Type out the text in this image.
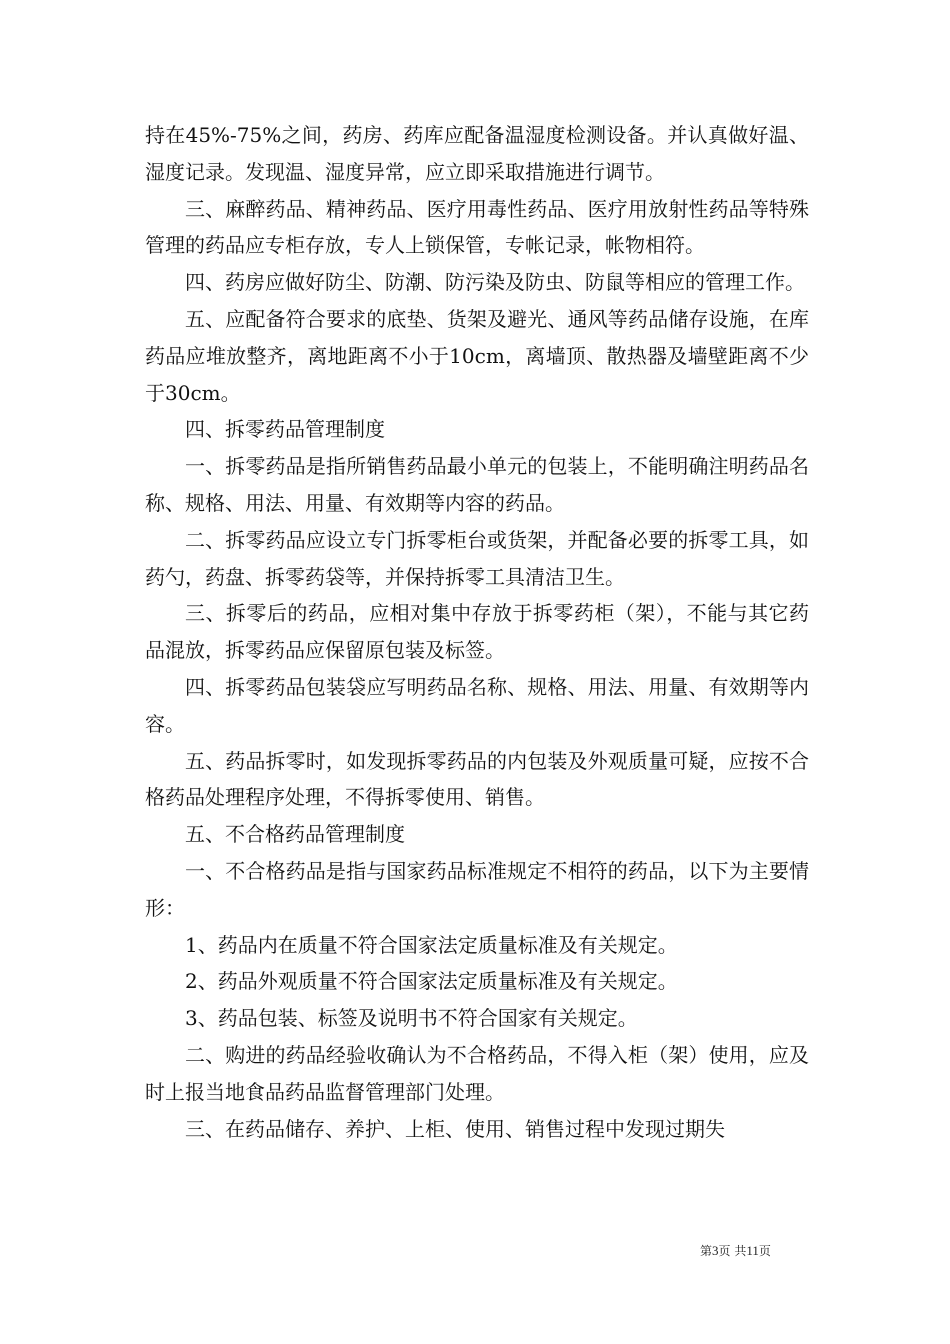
持在45%-75%之间，药房、药库应配备温湿度检测设备。并认真做好温、湿度记录。发现温、湿度异常，应立即采取措施进行调节。

三、麻醉药品、精神药品、医疗用毒性药品、医疗用放射性药品等特殊管理的药品应专柜存放，专人上锁保管，专帐记录，帐物相符。

四、药房应做好防尘、防潮、防污染及防虫、防鼠等相应的管理工作。

五、应配备符合要求的底垫、货架及避光、通风等药品储存设施，在库药品应堆放整齐，离地距离不小于10cm，离墙顶、散热器及墙壁距离不少于30cm。

四、拆零药品管理制度

一、拆零药品是指所销售药品最小单元的包装上，不能明确注明药品名称、规格、用法、用量、有效期等内容的药品。

二、拆零药品应设立专门拆零柜台或货架，并配备必要的拆零工具，如药勺，药盘、拆零药袋等，并保持拆零工具清洁卫生。

三、拆零后的药品，应相对集中存放于拆零药柜（架），不能与其它药品混放，拆零药品应保留原包装及标签。

四、拆零药品包装袋应写明药品名称、规格、用法、用量、有效期等内容。

五、药品拆零时，如发现拆零药品的内包装及外观质量可疑，应按不合格药品处理程序处理，不得拆零使用、销售。

五、不合格药品管理制度

一、不合格药品是指与国家药品标准规定不相符的药品，以下为主要情形：

1、药品内在质量不符合国家法定质量标准及有关规定。

2、药品外观质量不符合国家法定质量标准及有关规定。

3、药品包装、标签及说明书不符合国家有关规定。

二、购进的药品经验收确认为不合格药品，不得入柜（架）使用，应及时上报当地食品药品监督管理部门处理。

三、在药品储存、养护、上柜、使用、销售过程中发现过期失

第3页 共11页
